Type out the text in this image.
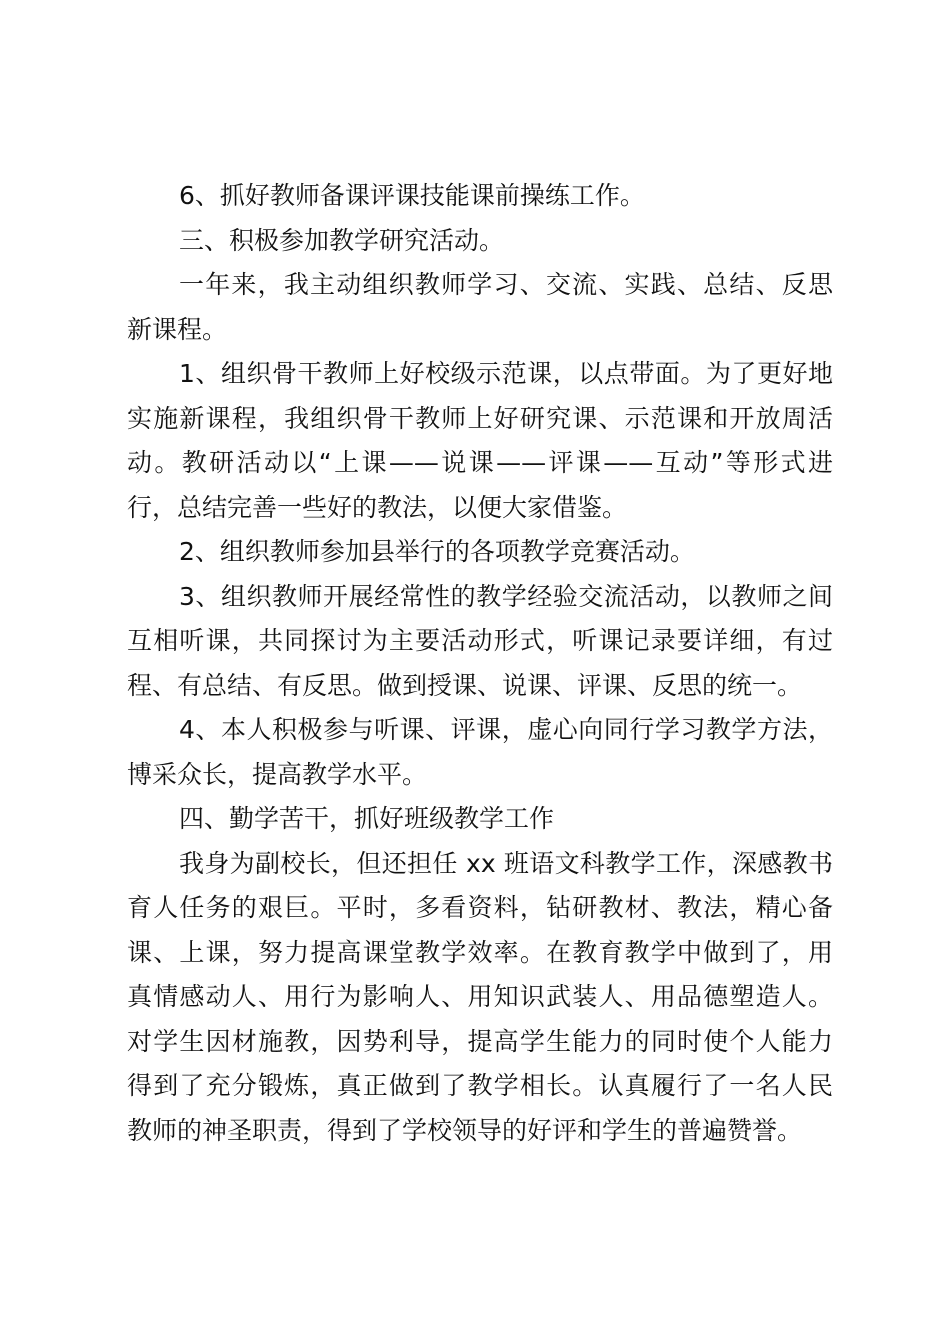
6、抓好教师备课评课技能课前操练工作。
三、积极参加教学研究活动。
一年来，我主动组织教师学习、交流、实践、总结、反思
新课程。
1、组织骨干教师上好校级示范课，以点带面。为了更好地
实施新课程，我组织骨干教师上好研究课、示范课和开放周活
动。教研活动以“上课——说课——评课——互动”等形式进
行，总结完善一些好的教法，以便大家借鉴。
2、组织教师参加县举行的各项教学竞赛活动。
3、组织教师开展经常性的教学经验交流活动，以教师之间
互相听课，共同探讨为主要活动形式，听课记录要详细，有过
程、有总结、有反思。做到授课、说课、评课、反思的统一。
4、本人积极参与听课、评课，虚心向同行学习教学方法，
博采众长，提高教学水平。
四、勤学苦干，抓好班级教学工作
我身为副校长，但还担任 xx 班语文科教学工作，深感教书
育人任务的艰巨。平时，多看资料，钻研教材、教法，精心备
课、上课，努力提高课堂教学效率。在教育教学中做到了，用
真情感动人、用行为影响人、用知识武装人、用品德塑造人。
对学生因材施教，因势利导，提高学生能力的同时使个人能力
得到了充分锻炼，真正做到了教学相长。认真履行了一名人民
教师的神圣职责，得到了学校领导的好评和学生的普遍赞誉。
